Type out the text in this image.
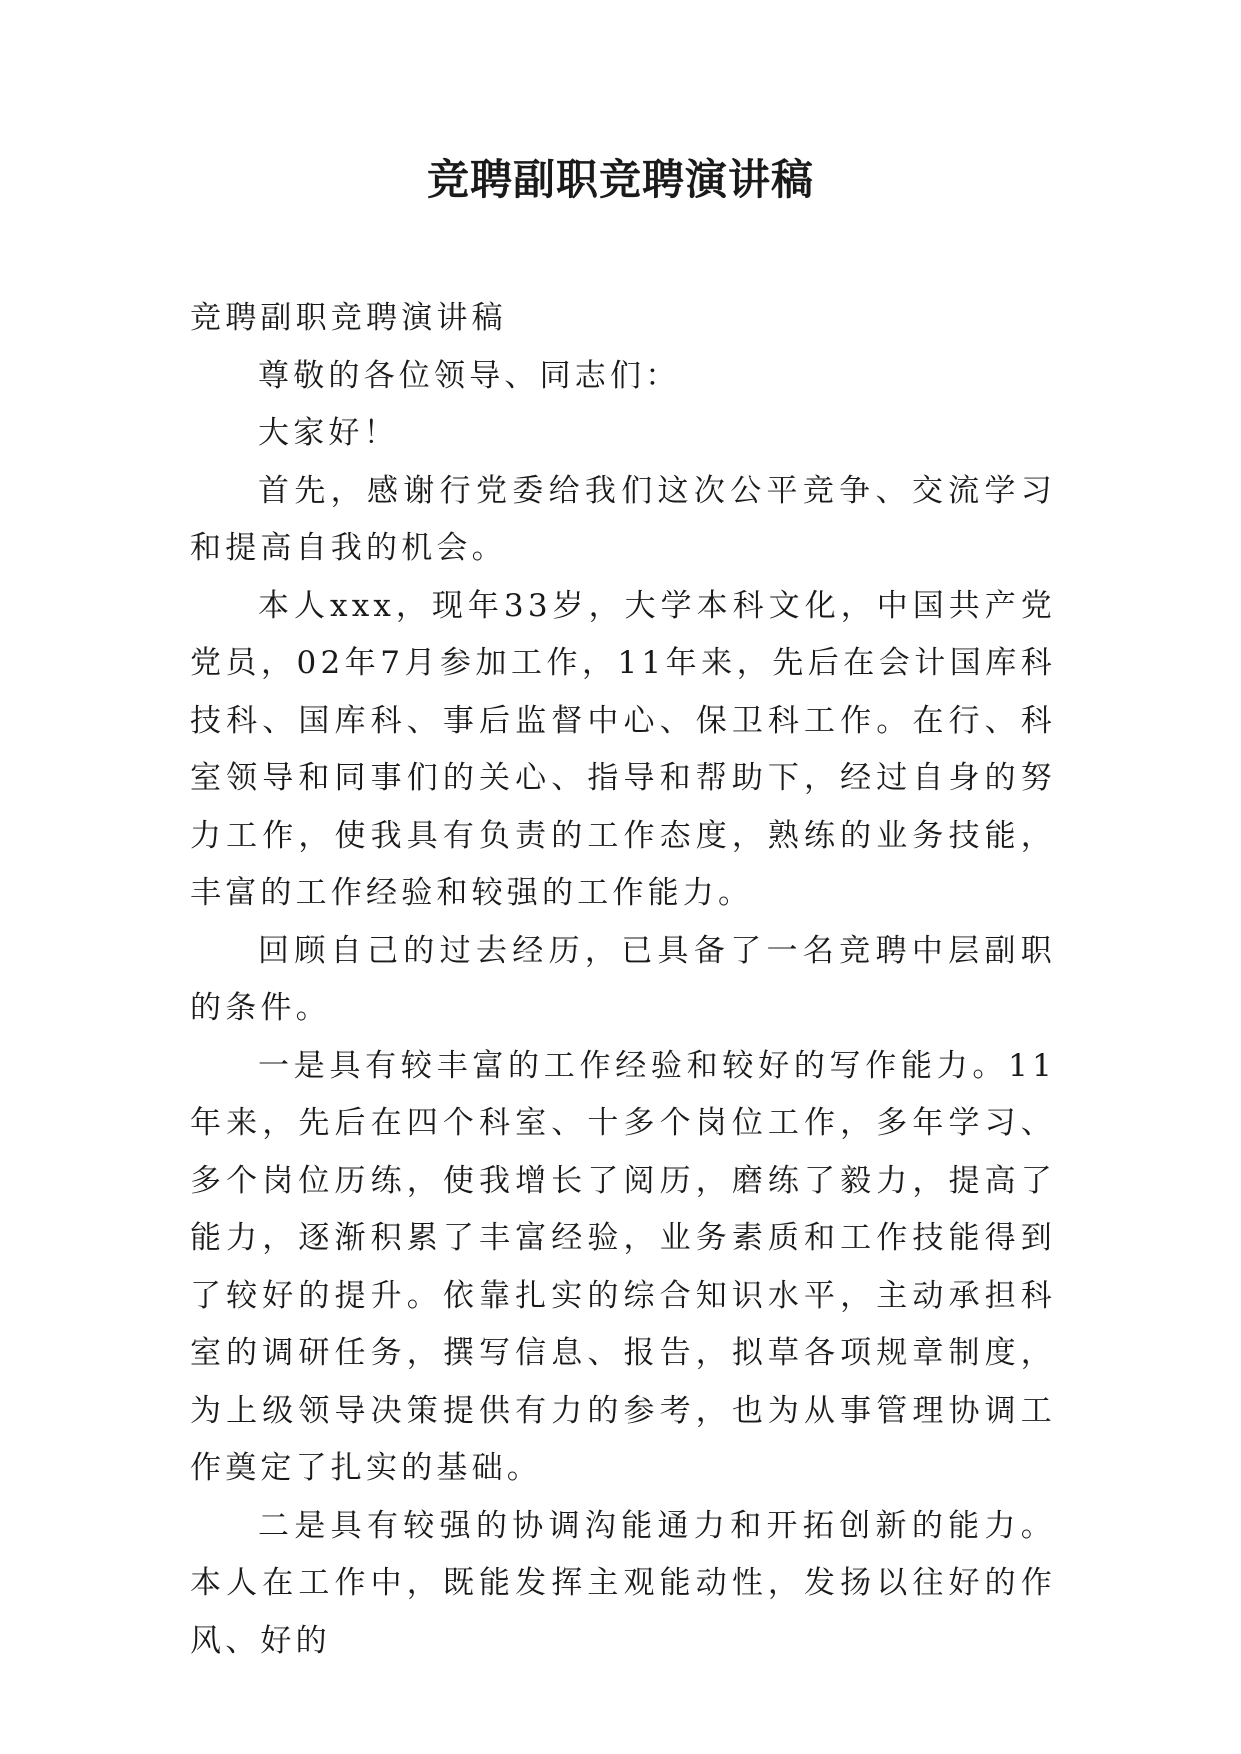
竞聘副职竞聘演讲稿

竞聘副职竞聘演讲稿

尊敬的各位领导、同志们：

大家好！

首先，感谢行党委给我们这次公平竞争、交流学习和提高自我的机会。

本人xxx，现年33岁，大学本科文化，中国共产党党员，02年7月参加工作，11年来，先后在会计国库科技科、国库科、事后监督中心、保卫科工作。在行、科室领导和同事们的关心、指导和帮助下，经过自身的努力工作，使我具有负责的工作态度，熟练的业务技能，丰富的工作经验和较强的工作能力。

回顾自己的过去经历，已具备了一名竞聘中层副职的条件。

一是具有较丰富的工作经验和较好的写作能力。11年来，先后在四个科室、十多个岗位工作，多年学习、多个岗位历练，使我增长了阅历，磨练了毅力，提高了能力，逐渐积累了丰富经验，业务素质和工作技能得到了较好的提升。依靠扎实的综合知识水平，主动承担科室的调研任务，撰写信息、报告，拟草各项规章制度，为上级领导决策提供有力的参考，也为从事管理协调工作奠定了扎实的基础。

二是具有较强的协调沟能通力和开拓创新的能力。本人在工作中，既能发挥主观能动性，发扬以往好的作风、好的
